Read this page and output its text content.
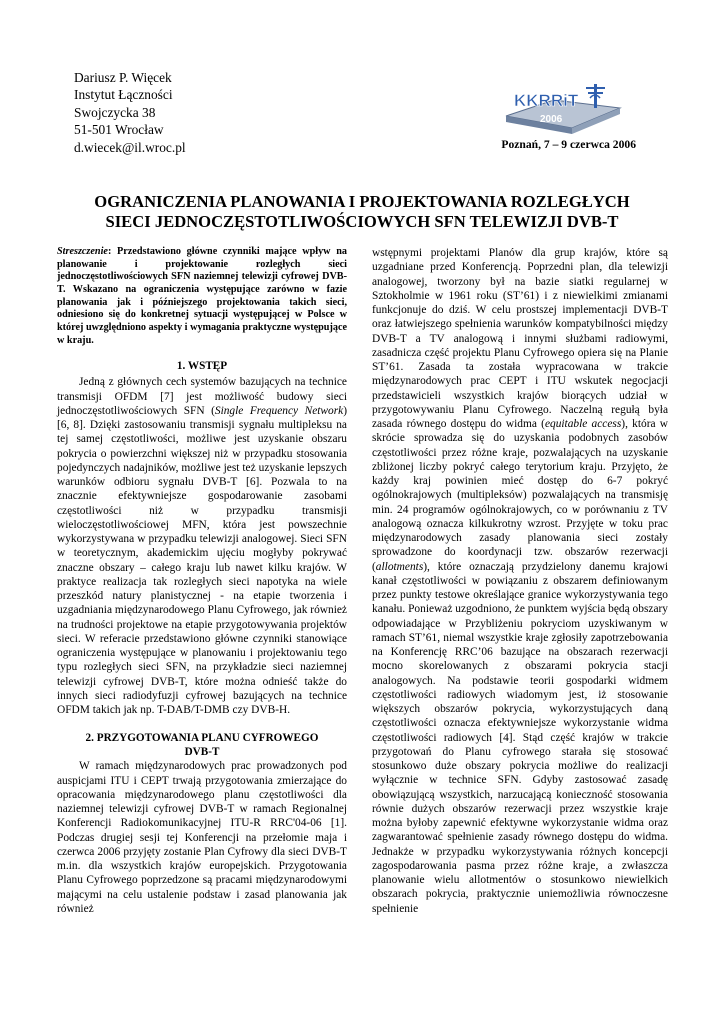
Dariusz P. Więcek
Instytut Łączności
Swojczycka 38
51-501 Wrocław
d.wiecek@il.wroc.pl
KKRRiT
2006
Poznań, 7 – 9 czerwca 2006
OGRANICZENIA PLANOWANIA I PROJEKTOWANIA ROZLEGŁYCH
SIECI JEDNOCZĘSTOTLIWOŚCIOWYCH SFN TELEWIZJI DVB-T

Streszczenie: Przedstawiono główne czynniki mające wpływ na planowanie i projektowanie rozległych sieci jednoczęstotliwościowych SFN naziemnej telewizji cyfrowej DVB-T. Wskazano na ograniczenia występujące zarówno w fazie planowania jak i późniejszego projektowania takich sieci, odniesiono się do konkretnej sytuacji występującej w Polsce w której uwzględniono aspekty i wymagania praktyczne występujące w kraju.

1. WSTĘP

Jedną z głównych cech systemów bazujących na technice transmisji OFDM [7] jest możliwość budowy sieci jednoczęstotliwościowych SFN (Single Frequency Network) [6, 8]. Dzięki zastosowaniu transmisji sygnału multipleksu na tej samej częstotliwości, możliwe jest uzyskanie obszaru pokrycia o powierzchni większej niż w przypadku stosowania pojedynczych nadajników, możliwe jest też uzyskanie lepszych warunków odbioru sygnału DVB-T [6]. Pozwala to na znacznie efektywniejsze gospodarowanie zasobami częstotliwości niż w przypadku transmisji wieloczęstotliwościowej MFN, która jest powszechnie wykorzystywana w przypadku telewizji analogowej. Sieci SFN w teoretycznym, akademickim ujęciu mogłyby pokrywać znaczne obszary – całego kraju lub nawet kilku krajów. W praktyce realizacja tak rozległych sieci napotyka na wiele przeszkód natury planistycznej - na etapie tworzenia i uzgadniania międzynarodowego Planu Cyfrowego, jak również na trudności projektowe na etapie przygotowywania projektów sieci. W referacie przedstawiono główne czynniki stanowiące ograniczenia występujące w planowaniu i projektowaniu tego typu rozległych sieci SFN, na przykładzie sieci naziemnej telewizji cyfrowej DVB-T, które można odnieść także do innych sieci radiodyfuzji cyfrowej bazujących na technice OFDM takich jak np. T-DAB/T-DMB czy DVB-H.

2. PRZYGOTOWANIA PLANU CYFROWEGO
DVB-T

W ramach międzynarodowych prac prowadzonych pod auspicjami ITU i CEPT trwają przygotowania zmierzające do opracowania międzynarodowego planu częstotliwości dla naziemnej telewizji cyfrowej DVB-T w ramach Regionalnej Konferencji Radiokomunikacyjnej ITU-R RRC'04-06 [1]. Podczas drugiej sesji tej Konferencji na przełomie maja i czerwca 2006 przyjęty zostanie Plan Cyfrowy dla sieci DVB-T m.in. dla wszystkich krajów europejskich. Przygotowania Planu Cyfrowego poprzedzone są pracami międzynarodowymi mającymi na celu ustalenie podstaw i zasad planowania jak również

wstępnymi projektami Planów dla grup krajów, które są uzgadniane przed Konferencją. Poprzedni plan, dla telewizji analogowej, tworzony był na bazie siatki regularnej w Sztokholmie w 1961 roku (ST’61) i z niewielkimi zmianami funkcjonuje do dziś. W celu prostszej implementacji DVB-T oraz łatwiejszego spełnienia warunków kompatybilności między DVB-T a TV analogową i innymi służbami radiowymi, zasadnicza część projektu Planu Cyfrowego opiera się na Planie ST’61. Zasada ta została wypracowana w trakcie międzynarodowych prac CEPT i ITU wskutek negocjacji przedstawicieli wszystkich krajów biorących udział w przygotowywaniu Planu Cyfrowego. Naczelną regułą była zasada równego dostępu do widma (equitable access), która w skrócie sprowadza się do uzyskania podobnych zasobów częstotliwości przez różne kraje, pozwalających na uzyskanie zbliżonej liczby pokryć całego terytorium kraju. Przyjęto, że każdy kraj powinien mieć dostęp do 6-7 pokryć ogólnokrajowych (multipleksów) pozwalających na transmisję min. 24 programów ogólnokrajowych, co w porównaniu z TV analogową oznacza kilkukrotny wzrost. Przyjęte w toku prac międzynarodowych zasady planowania sieci zostały sprowadzone do koordynacji tzw. obszarów rezerwacji (allotments), które oznaczają przydzielony danemu krajowi kanał częstotliwości w powiązaniu z obszarem definiowanym przez punkty testowe określające granice wykorzystywania tego kanału. Ponieważ uzgodniono, że punktem wyjścia będą obszary odpowiadające w Przybliżeniu pokryciom uzyskiwanym w ramach ST’61, niemal wszystkie kraje zgłosiły zapotrzebowania na Konferencję RRC’06 bazujące na obszarach rezerwacji mocno skorelowanych z obszarami pokrycia stacji analogowych. Na podstawie teorii gospodarki widmem częstotliwości radiowych wiadomym jest, iż stosowanie większych obszarów pokrycia, wykorzystujących daną częstotliwości oznacza efektywniejsze wykorzystanie widma częstotliwości radiowych [4]. Stąd część krajów w trakcie przygotowań do Planu cyfrowego starała się stosować stosunkowo duże obszary pokrycia możliwe do realizacji wyłącznie w technice SFN. Gdyby zastosować zasadę obowiązującą wszystkich, narzucającą konieczność stosowania równie dużych obszarów rezerwacji przez wszystkie kraje można byłoby zapewnić efektywne wykorzystanie widma oraz zagwarantować spełnienie zasady równego dostępu do widma. Jednakże w przypadku wykorzystywania różnych koncepcji zagospodarowania pasma przez różne kraje, a zwłaszcza planowanie wielu allotmentów o stosunkowo niewielkich obszarach pokrycia, praktycznie uniemożliwia równoczesne spełnienie
